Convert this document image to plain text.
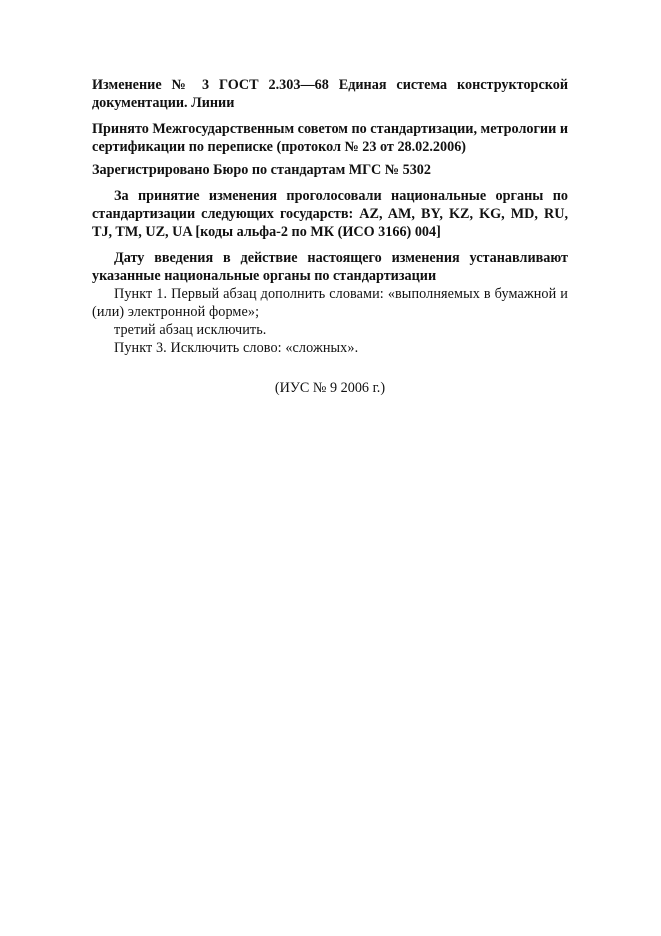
Изменение № 3 ГОСТ 2.303—68 Единая система конструкторской документации. Линии

Принято Межгосударственным советом по стандартизации, метрологии и сертификации по переписке (протокол № 23 от 28.02.2006)

Зарегистрировано Бюро по стандартам МГС № 5302

За принятие изменения проголосовали национальные органы по стандартизации следующих государств: AZ, AM, BY, KZ, KG, MD, RU, TJ, TM, UZ, UA [коды альфа-2 по МК (ИСО 3166) 004]

Дату введения в действие настоящего изменения устанавливают указанные национальные органы по стандартизации

Пункт 1. Первый абзац дополнить словами: «выполняемых в бумажной и (или) электронной форме»;

третий абзац исключить.

Пункт 3. Исключить слово: «сложных».

(ИУС № 9 2006 г.)
